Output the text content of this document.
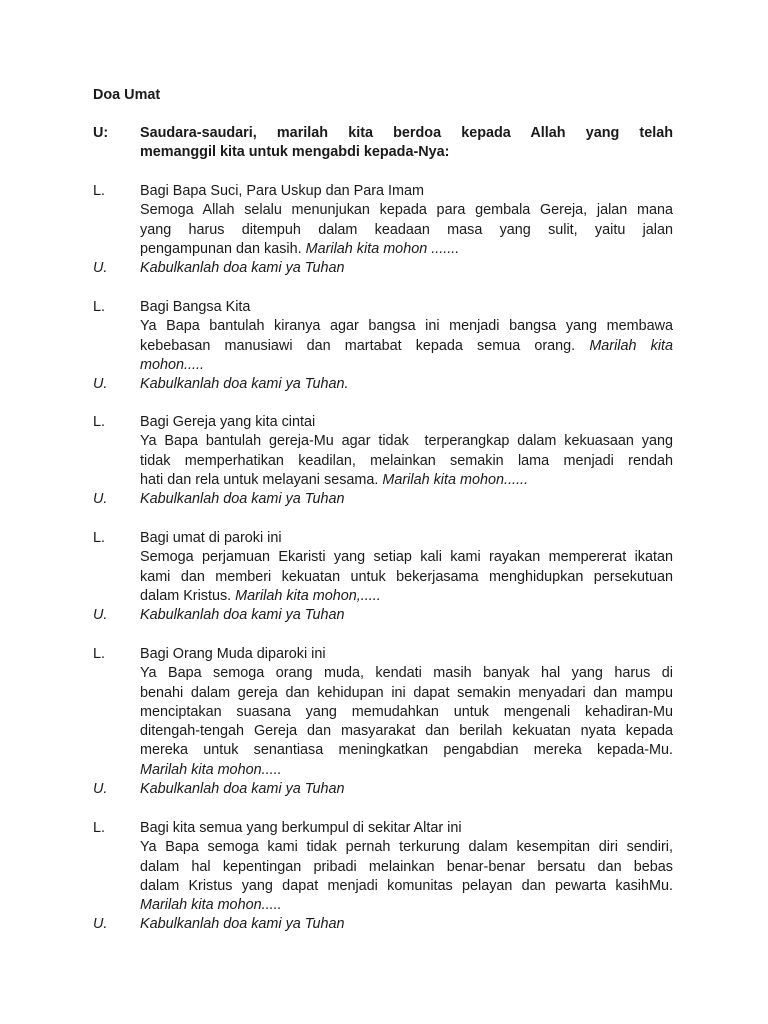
Doa Umat
U:	Saudara-saudari, marilah kita berdoa kepada Allah yang telah
memanggil kita untuk mengabdi kepada-Nya:
L.	Bagi Bapa Suci, Para Uskup dan Para Imam
Semoga Allah selalu menunjukan kepada para gembala Gereja, jalan mana
yang harus ditempuh dalam keadaan masa yang sulit, yaitu jalan
pengampunan dan kasih. Marilah kita mohon .......
U.	Kabulkanlah doa kami ya Tuhan
L.	Bagi Bangsa Kita
Ya Bapa bantulah kiranya agar bangsa ini menjadi bangsa yang membawa
kebebasan manusiawi dan martabat kepada semua orang. Marilah kita
mohon.....
U.	Kabulkanlah doa kami ya Tuhan.
L.	Bagi Gereja yang kita cintai
Ya Bapa bantulah gereja-Mu agar tidak  terperangkap dalam kekuasaan yang
tidak memperhatikan keadilan, melainkan semakin lama menjadi rendah
hati dan rela untuk melayani sesama. Marilah kita mohon......
U.	Kabulkanlah doa kami ya Tuhan
L.	Bagi umat di paroki ini
Semoga perjamuan Ekaristi yang setiap kali kami rayakan mempererat ikatan
kami dan memberi kekuatan untuk bekerjasama menghidupkan persekutuan
dalam Kristus. Marilah kita mohon,.....
U.	Kabulkanlah doa kami ya Tuhan
L.	Bagi Orang Muda diparoki ini
Ya Bapa semoga orang muda, kendati masih banyak hal yang harus di
benahi dalam gereja dan kehidupan ini dapat semakin menyadari dan mampu
menciptakan suasana yang memudahkan untuk mengenali kehadiran-Mu
ditengah-tengah Gereja dan masyarakat dan berilah kekuatan nyata kepada
mereka untuk senantiasa meningkatkan pengabdian mereka kepada-Mu.
Marilah kita mohon.....
U.	Kabulkanlah doa kami ya Tuhan
L.	Bagi kita semua yang berkumpul di sekitar Altar ini
Ya Bapa semoga kami tidak pernah terkurung dalam kesempitan diri sendiri,
dalam hal kepentingan pribadi melainkan benar-benar bersatu dan bebas
dalam Kristus yang dapat menjadi komunitas pelayan dan pewarta kasihMu.
Marilah kita mohon.....
U.	Kabulkanlah doa kami ya Tuhan
